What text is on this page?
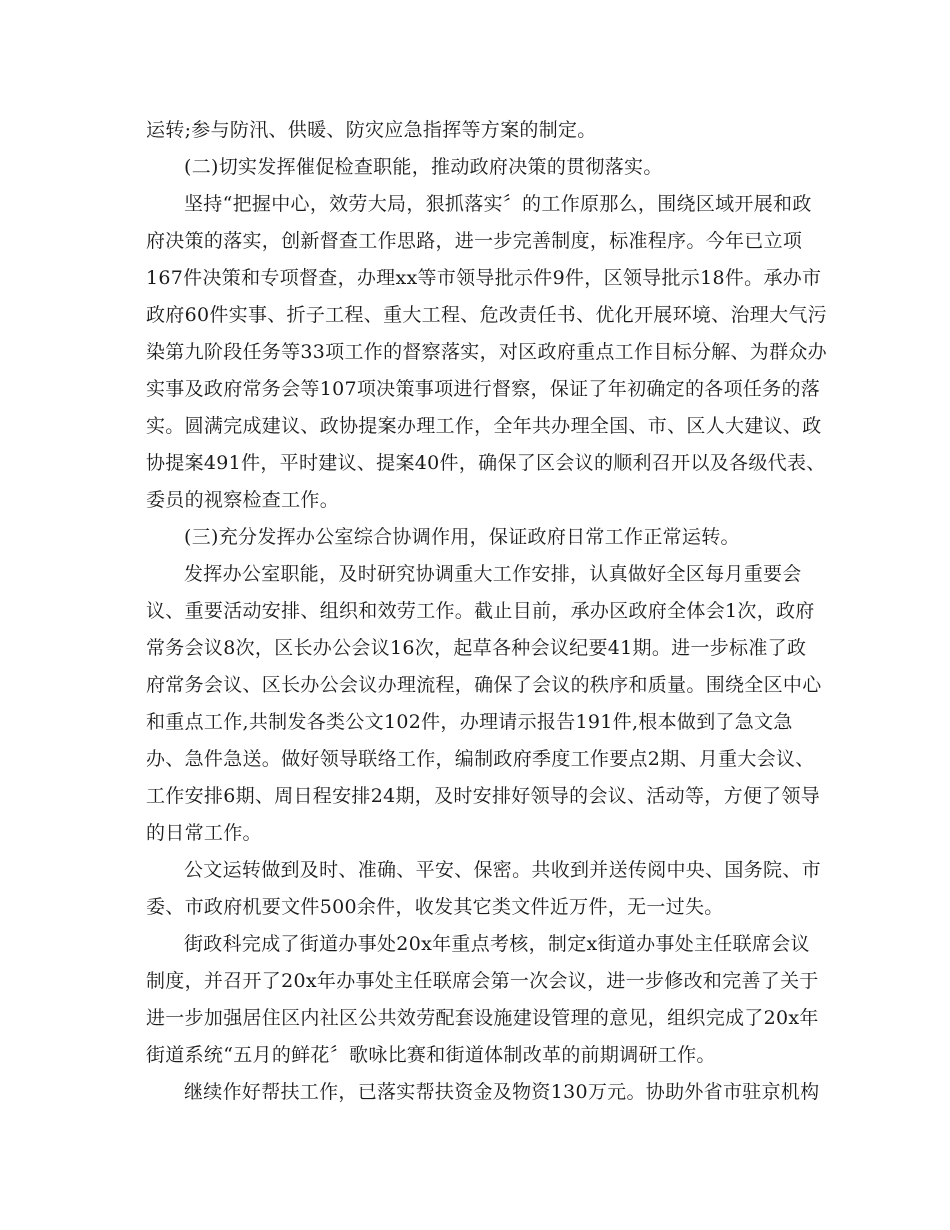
运转;参与防汛、供暖、防灾应急指挥等方案的制定。

(二)切实发挥催促检查职能，推动政府决策的贯彻落实。

坚持“把握中心，效劳大局，狠抓落实〞的工作原那么，围绕区域开展和政

府决策的落实，创新督查工作思路，进一步完善制度，标准程序。今年已立项

167件决策和专项督查，办理xx等市领导批示件9件，区领导批示18件。承办市

政府60件实事、折子工程、重大工程、危改责任书、优化开展环境、治理大气污

染第九阶段任务等33项工作的督察落实，对区政府重点工作目标分解、为群众办

实事及政府常务会等107项决策事项进行督察，保证了年初确定的各项任务的落

实。圆满完成建议、政协提案办理工作，全年共办理全国、市、区人大建议、政

协提案491件，平时建议、提案40件，确保了区会议的顺利召开以及各级代表、

委员的视察检查工作。

(三)充分发挥办公室综合协调作用，保证政府日常工作正常运转。

发挥办公室职能，及时研究协调重大工作安排，认真做好全区每月重要会

议、重要活动安排、组织和效劳工作。截止目前，承办区政府全体会1次，政府

常务会议8次，区长办公会议16次，起草各种会议纪要41期。进一步标准了政

府常务会议、区长办公会议办理流程，确保了会议的秩序和质量。围绕全区中心

和重点工作,共制发各类公文102件，办理请示报告191件,根本做到了急文急

办、急件急送。做好领导联络工作，编制政府季度工作要点2期、月重大会议、

工作安排6期、周日程安排24期，及时安排好领导的会议、活动等，方便了领导

的日常工作。

公文运转做到及时、准确、平安、保密。共收到并送传阅中央、国务院、市

委、市政府机要文件500余件，收发其它类文件近万件，无一过失。

街政科完成了街道办事处20x年重点考核，制定x街道办事处主任联席会议

制度，并召开了20x年办事处主任联席会第一次会议，进一步修改和完善了关于

进一步加强居住区内社区公共效劳配套设施建设管理的意见，组织完成了20x年

街道系统“五月的鲜花〞歌咏比赛和街道体制改革的前期调研工作。

继续作好帮扶工作，已落实帮扶资金及物资130万元。协助外省市驻京机构
